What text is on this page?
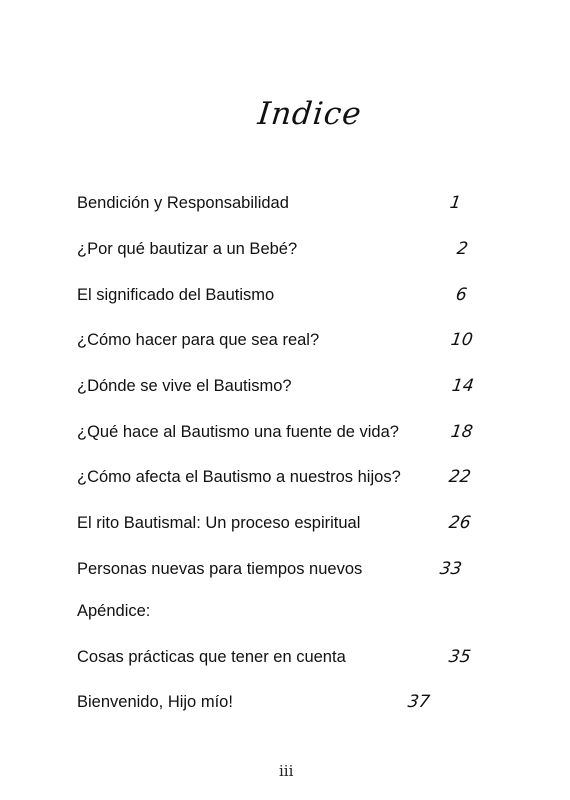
Indice
Bendición y Responsabilidad	1
¿Por qué bautizar a un Bebé?	2
El significado del Bautismo	6
¿Cómo hacer para que sea real?	10
¿Dónde se vive el Bautismo?	14
¿Qué hace al Bautismo una fuente de vida?	18
¿Cómo afecta el Bautismo a nuestros hijos?	22
El rito Bautismal: Un proceso espiritual	26
Personas nuevas para tiempos nuevos	33
Apéndice:
Cosas prácticas que tener en cuenta	35
Bienvenido, Hijo mío!	37
iii
